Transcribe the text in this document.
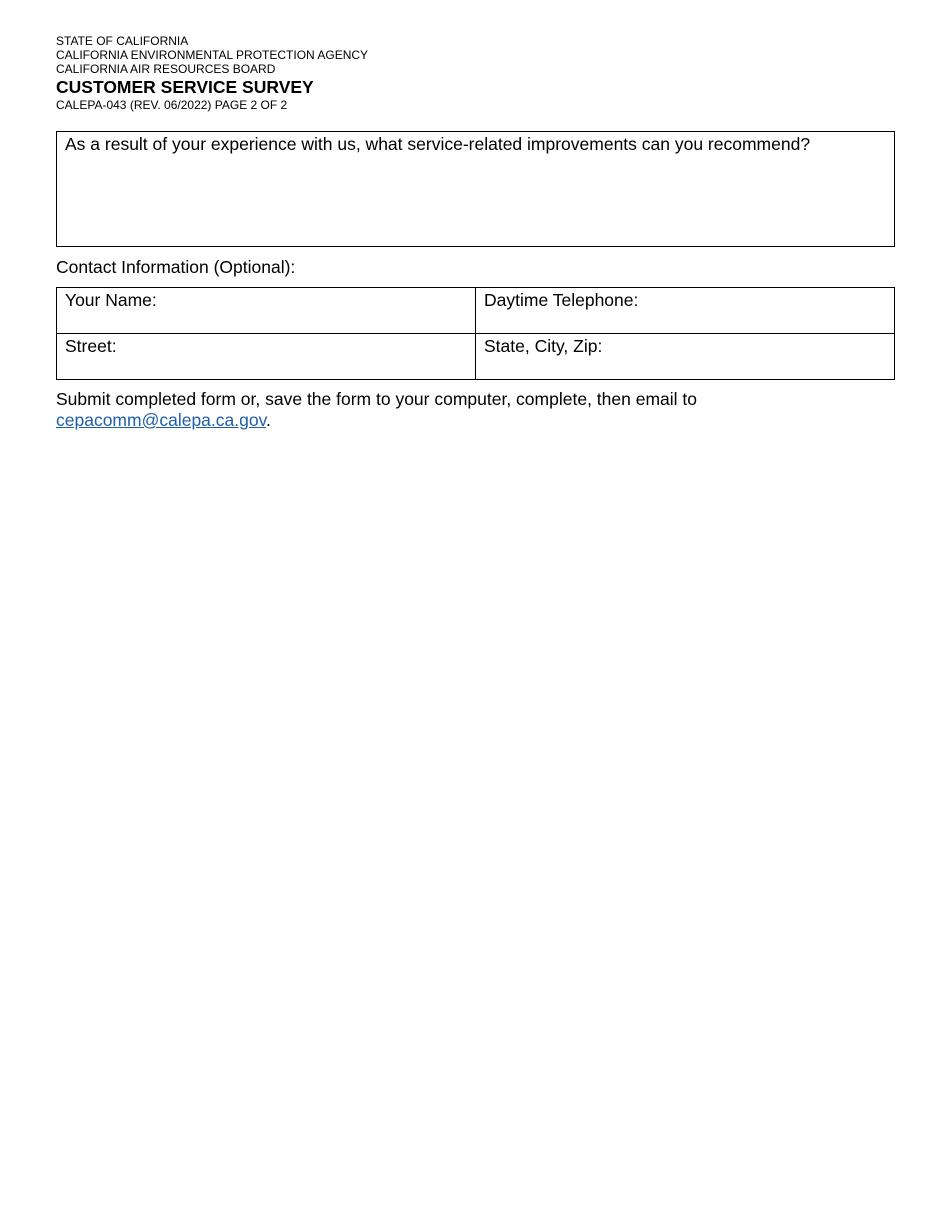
STATE OF CALIFORNIA
CALIFORNIA ENVIRONMENTAL PROTECTION AGENCY
CALIFORNIA AIR RESOURCES BOARD
CUSTOMER SERVICE SURVEY
CALEPA-043 (REV. 06/2022) PAGE 2 OF 2
As a result of your experience with us, what service-related improvements can you recommend?
Contact Information (Optional):
Your Name:	Daytime Telephone:

Street:	State, City, Zip:
Submit completed form or, save the form to your computer, complete, then email to
cepacomm@calepa.ca.gov.
